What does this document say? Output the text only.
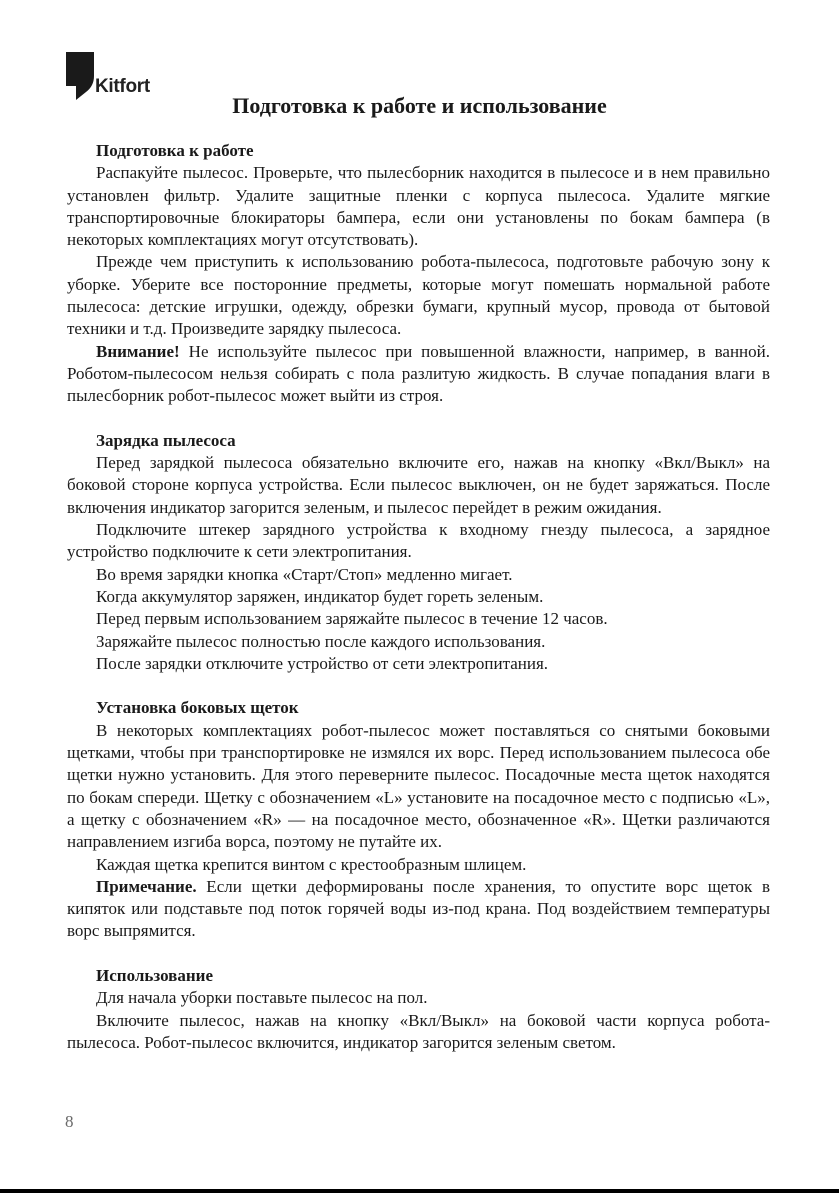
Kitfort
Подготовка к работе и использование

Подготовка к работе

Распакуйте пылесос. Проверьте, что пылесборник находится в пылесосе и в нем правильно установлен фильтр. Удалите защитные пленки с корпуса пылесоса. Удалите мягкие транспортировочные блокираторы бампера, если они установлены по бокам бампера (в некоторых комплектациях могут отсутствовать).

Прежде чем приступить к использованию робота-пылесоса, подготовьте рабочую зону к уборке. Уберите все посторонние предметы, которые могут помешать нормальной работе пылесоса: детские игрушки, одежду, обрезки бумаги, крупный мусор, провода от бытовой техники и т.д. Произведите зарядку пылесоса.

Внимание! Не используйте пылесос при повышенной влажности, например, в ванной. Роботом-пылесосом нельзя собирать с пола разлитую жидкость. В случае попадания влаги в пылесборник робот-пылесос может выйти из строя.

Зарядка пылесоса

Перед зарядкой пылесоса обязательно включите его, нажав на кнопку «Вкл/Выкл» на боковой стороне корпуса устройства. Если пылесос выключен, он не будет заряжаться. После включения индикатор загорится зеленым, и пылесос перейдет в режим ожидания.

Подключите штекер зарядного устройства к входному гнезду пылесоса, а зарядное устройство подключите к сети электропитания.

Во время зарядки кнопка «Старт/Стоп» медленно мигает.

Когда аккумулятор заряжен, индикатор будет гореть зеленым.

Перед первым использованием заряжайте пылесос в течение 12 часов.

Заряжайте пылесос полностью после каждого использования.

После зарядки отключите устройство от сети электропитания.

Установка боковых щеток

В некоторых комплектациях робот-пылесос может поставляться со снятыми боковыми щетками, чтобы при транспортировке не измялся их ворс. Перед использованием пылесоса обе щетки нужно установить. Для этого переверните пылесос. Посадочные места щеток находятся по бокам спереди. Щетку с обозначением «L» установите на посадочное место с подписью «L», а щетку с обозначением «R» — на посадочное место, обозначенное «R». Щетки различаются направлением изгиба ворса, поэтому не путайте их.

Каждая щетка крепится винтом с крестообразным шлицем.

Примечание. Если щетки деформированы после хранения, то опустите ворс щеток в кипяток или подставьте под поток горячей воды из-под крана. Под воздействием температуры ворс выпрямится.

Использование

Для начала уборки поставьте пылесос на пол.

Включите пылесос, нажав на кнопку «Вкл/Выкл» на боковой части корпуса робота-пылесоса. Робот-пылесос включится, индикатор загорится зеленым светом.

8
